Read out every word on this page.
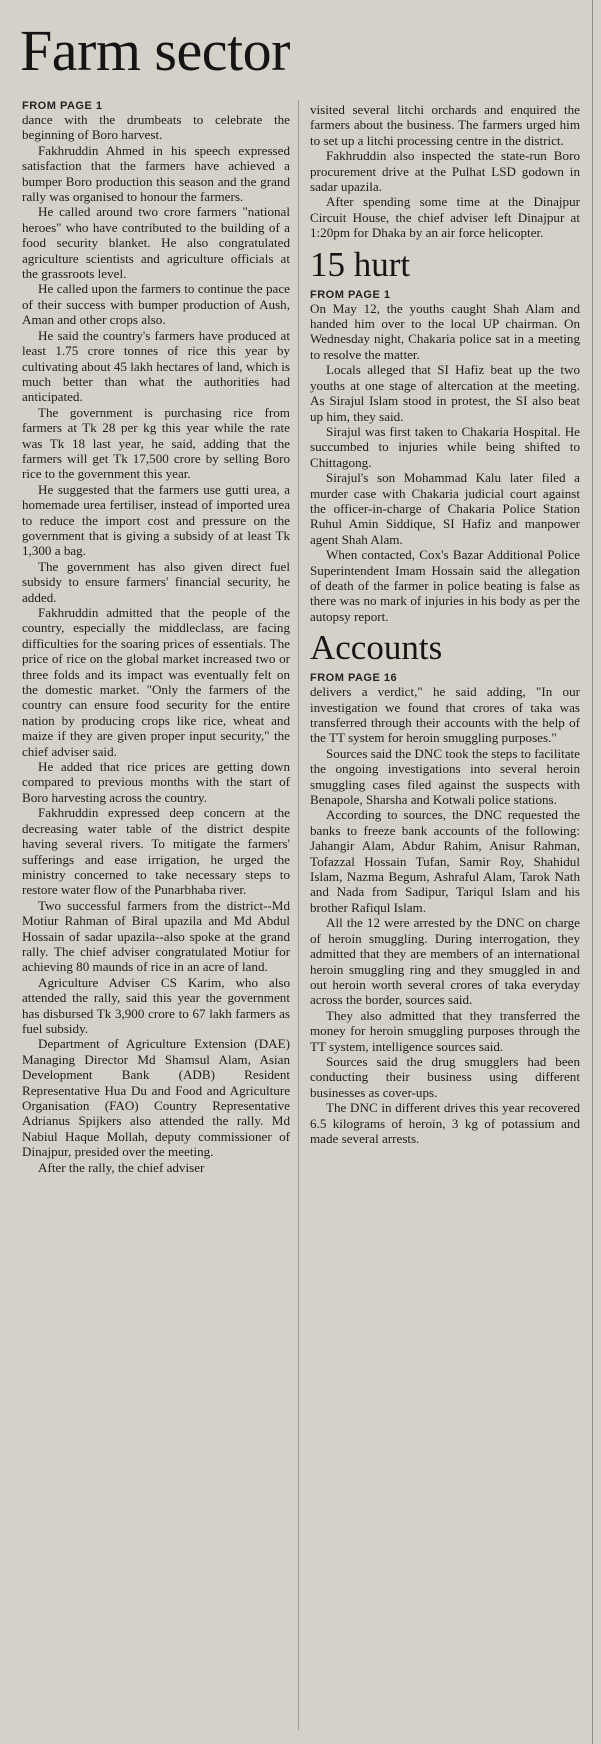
Farm sector
FROM PAGE 1

dance with the drumbeats to celebrate the beginning of Boro harvest.

Fakhruddin Ahmed in his speech expressed satisfaction that the farmers have achieved a bumper Boro production this season and the grand rally was organised to honour the farmers.

He called around two crore farmers "national heroes" who have contributed to the building of a food security blanket. He also congratulated agriculture scientists and agriculture officials at the grassroots level.

He called upon the farmers to continue the pace of their success with bumper production of Aush, Aman and other crops also.

He said the country's farmers have produced at least 1.75 crore tonnes of rice this year by cultivating about 45 lakh hectares of land, which is much better than what the authorities had anticipated.

The government is purchasing rice from farmers at Tk 28 per kg this year while the rate was Tk 18 last year, he said, adding that the farmers will get Tk 17,500 crore by selling Boro rice to the government this year.

He suggested that the farmers use gutti urea, a homemade urea fertiliser, instead of imported urea to reduce the import cost and pressure on the government that is giving a subsidy of at least Tk 1,300 a bag.

The government has also given direct fuel subsidy to ensure farmers' financial security, he added.

Fakhruddin admitted that the people of the country, especially the middleclass, are facing difficulties for the soaring prices of essentials. The price of rice on the global market increased two or three folds and its impact was eventually felt on the domestic market. "Only the farmers of the country can ensure food security for the entire nation by producing crops like rice, wheat and maize if they are given proper input security," the chief adviser said.

He added that rice prices are getting down compared to previous months with the start of Boro harvesting across the country.

Fakhruddin expressed deep concern at the decreasing water table of the district despite having several rivers. To mitigate the farmers' sufferings and ease irrigation, he urged the ministry concerned to take necessary steps to restore water flow of the Punarbhaba river.

Two successful farmers from the district--Md Motiur Rahman of Biral upazila and Md Abdul Hossain of sadar upazila--also spoke at the grand rally. The chief adviser congratulated Motiur for achieving 80 maunds of rice in an acre of land.

Agriculture Adviser CS Karim, who also attended the rally, said this year the government has disbursed Tk 3,900 crore to 67 lakh farmers as fuel subsidy.

Department of Agriculture Extension (DAE) Managing Director Md Shamsul Alam, Asian Development Bank (ADB) Resident Representative Hua Du and Food and Agriculture Organisation (FAO) Country Representative Adrianus Spijkers also attended the rally. Md Nabiul Haque Mollah, deputy commissioner of Dinajpur, presided over the meeting.

After the rally, the chief adviser

visited several litchi orchards and enquired the farmers about the business. The farmers urged him to set up a litchi processing centre in the district.

Fakhruddin also inspected the state-run Boro procurement drive at the Pulhat LSD godown in sadar upazila.

After spending some time at the Dinajpur Circuit House, the chief adviser left Dinajpur at 1:20pm for Dhaka by an air force helicopter.

15 hurt
FROM PAGE 1

On May 12, the youths caught Shah Alam and handed him over to the local UP chairman. On Wednesday night, Chakaria police sat in a meeting to resolve the matter.

Locals alleged that SI Hafiz beat up the two youths at one stage of altercation at the meeting. As Sirajul Islam stood in protest, the SI also beat up him, they said.

Sirajul was first taken to Chakaria Hospital. He succumbed to injuries while being shifted to Chittagong.

Sirajul's son Mohammad Kalu later filed a murder case with Chakaria judicial court against the officer-in-charge of Chakaria Police Station Ruhul Amin Siddique, SI Hafiz and manpower agent Shah Alam.

When contacted, Cox's Bazar Additional Police Superintendent Imam Hossain said the allegation of death of the farmer in police beating is false as there was no mark of injuries in his body as per the autopsy report.

Accounts
FROM PAGE 16

delivers a verdict," he said adding, "In our investigation we found that crores of taka was transferred through their accounts with the help of the TT system for heroin smuggling purposes."

Sources said the DNC took the steps to facilitate the ongoing investigations into several heroin smuggling cases filed against the suspects with Benapole, Sharsha and Kotwali police stations.

According to sources, the DNC requested the banks to freeze bank accounts of the following: Jahangir Alam, Abdur Rahim, Anisur Rahman, Tofazzal Hossain Tufan, Samir Roy, Shahidul Islam, Nazma Begum, Ashraful Alam, Tarok Nath and Nada from Sadipur, Tariqul Islam and his brother Rafiqul Islam.

All the 12 were arrested by the DNC on charge of heroin smuggling. During interrogation, they admitted that they are members of an international heroin smuggling ring and they smuggled in and out heroin worth several crores of taka everyday across the border, sources said.

They also admitted that they transferred the money for heroin smuggling purposes through the TT system, intelligence sources said.

Sources said the drug smugglers had been conducting their business using different businesses as cover-ups.

The DNC in different drives this year recovered 6.5 kilograms of heroin, 3 kg of potassium and made several arrests.
